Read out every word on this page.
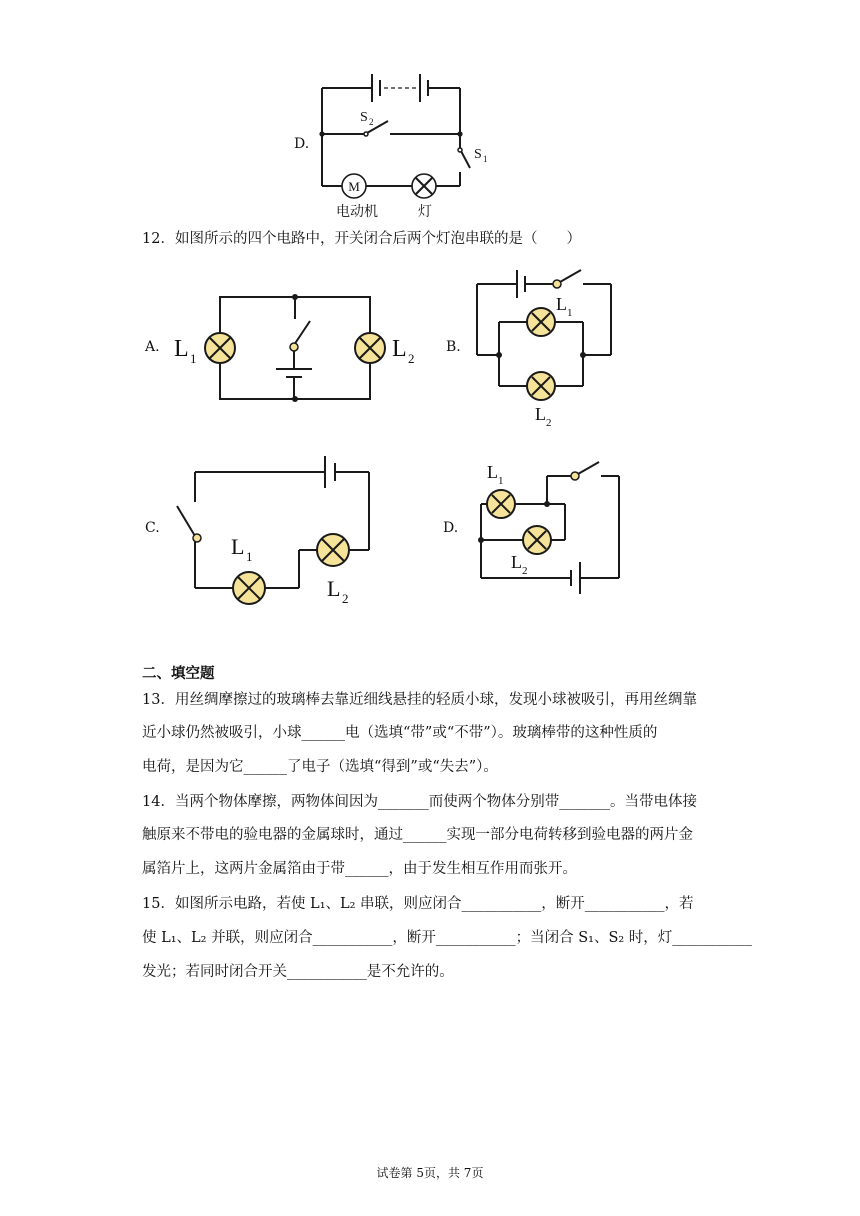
D.
M
S 2
S 1
电动机	灯
12．如图所示的四个电路中，开关闭合后两个灯泡串联的是（　　）
A. L 1	L 2
B.
L 1
L 2
C.
L 1
L 2
D.
L 1
L 2
二、填空题
13．用丝绸摩擦过的玻璃棒去靠近细线悬挂的轻质小球，发现小球被吸引，再用丝绸靠
近小球仍然被吸引，小球______电（选填“带”或“不带”）。玻璃棒带的这种性质的
电荷，是因为它______了电子（选填“得到”或“失去”）。
14．当两个物体摩擦，两物体间因为_______而使两个物体分别带_______。当带电体接
触原来不带电的验电器的金属球时，通过______实现一部分电荷转移到验电器的两片金
属箔片上，这两片金属箔由于带______，由于发生相互作用而张开。
15．如图所示电路，若使 L₁、L₂ 串联，则应闭合___________，断开___________，若
使 L₁、L₂ 并联，则应闭合___________，断开___________；当闭合 S₁、S₂ 时，灯___________
发光；若同时闭合开关___________是不允许的。
试卷第 5页，共 7页
